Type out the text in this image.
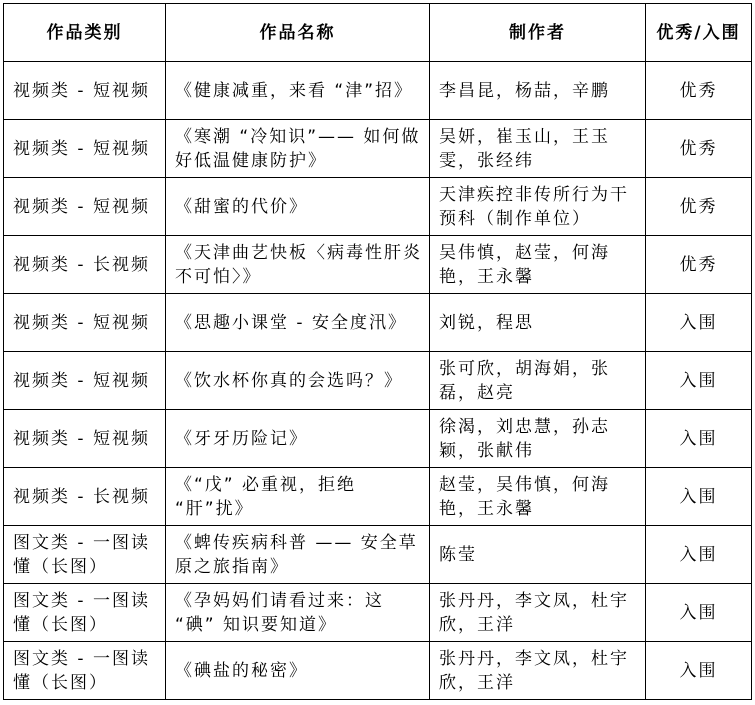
作品类别	作品名称	制作者	优秀/入围
视频类 - 短视频	《健康减重，来看 “津”招》	李昌昆，杨喆，辛鹏	优秀
视频类 - 短视频	《寒潮 “冷知识”—— 如何做好低温健康防护》	吴妍，崔玉山，王玉雯，张经纬	优秀
视频类 - 短视频	《甜蜜的代价》	天津疾控非传所行为干预科（制作单位）	优秀
视频类 - 长视频	《天津曲艺快板〈病毒性肝炎不可怕〉》	吴伟慎，赵莹，何海艳，王永馨	优秀
视频类 - 短视频	《思趣小课堂 - 安全度汛》	刘锐，程思	入围
视频类 - 短视频	《饮水杯你真的会选吗？》	张可欣，胡海娟，张磊，赵亮	入围
视频类 - 短视频	《牙牙历险记》	徐渴，刘忠慧，孙志颖，张献伟	入围
视频类 - 长视频	《“戊” 必重视，拒绝 “肝”扰》	赵莹，吴伟慎，何海艳，王永馨	入围
图文类 - 一图读懂（长图）	《蜱传疾病科普 —— 安全草原之旅指南》	陈莹	入围
图文类 - 一图读懂（长图）	《孕妈妈们请看过来：这 “碘” 知识要知道》	张丹丹，李文凤，杜宇欣，王洋	入围
图文类 - 一图读懂（长图）	《碘盐的秘密》	张丹丹，李文凤，杜宇欣，王洋	入围
